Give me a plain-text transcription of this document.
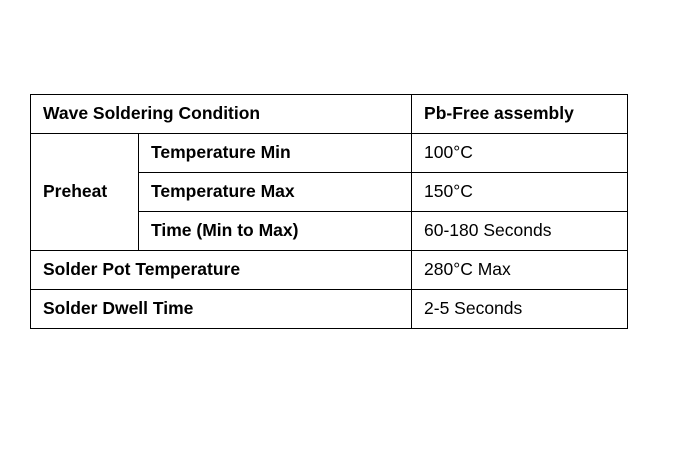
Wave Soldering Condition		Pb-Free assembly
Preheat	Temperature Min	100°C
	Temperature Max	150°C
	Time (Min to Max)	60-180 Seconds
Solder Pot Temperature		280°C Max
Solder Dwell Time		2-5 Seconds
